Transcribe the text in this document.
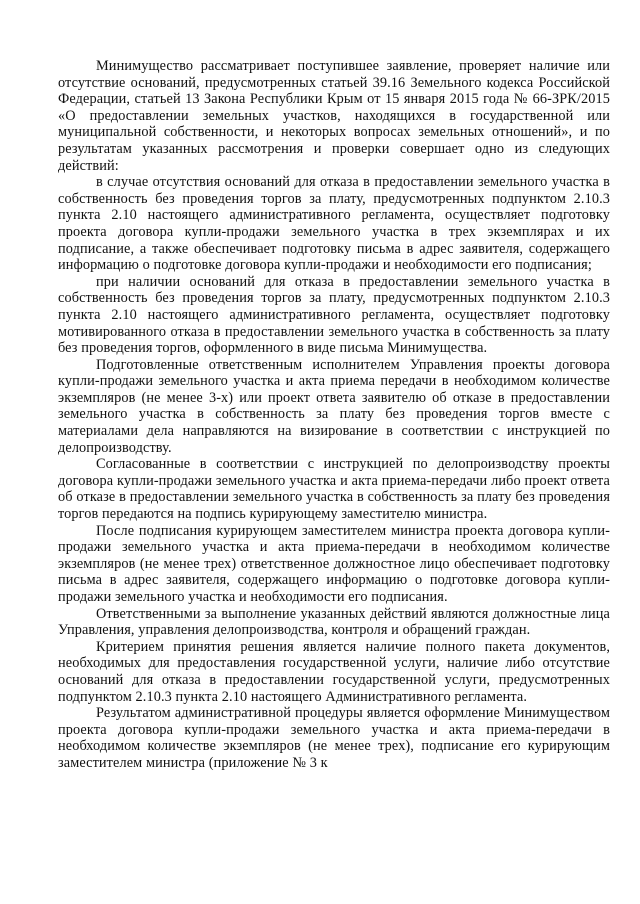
Минимущество рассматривает поступившее заявление, проверяет наличие или отсутствие оснований, предусмотренных статьей 39.16 Земельного кодекса Российской Федерации, статьей 13 Закона Республики Крым от 15 января 2015 года № 66-ЗРК/2015 «О предоставлении земельных участков, находящихся в государственной или муниципальной собственности, и некоторых вопросах земельных отношений», и по результатам указанных рассмотрения и проверки совершает одно из следующих действий:

в случае отсутствия оснований для отказа в предоставлении земельного участка в собственность без проведения торгов за плату, предусмотренных подпунктом 2.10.3 пункта 2.10 настоящего административного регламента, осуществляет подготовку проекта договора купли-продажи земельного участка в трех экземплярах и их подписание, а также обеспечивает подготовку письма в адрес заявителя, содержащего информацию о подготовке договора купли-продажи и необходимости его подписания;

при наличии оснований для отказа в предоставлении земельного участка в собственность без проведения торгов за плату, предусмотренных подпунктом 2.10.3 пункта 2.10 настоящего административного регламента, осуществляет подготовку мотивированного отказа в предоставлении земельного участка в собственность за плату без проведения торгов, оформленного в виде письма Минимущества.

Подготовленные ответственным исполнителем Управления проекты договора купли-продажи земельного участка и акта приема передачи в необходимом количестве экземпляров (не менее 3-х) или проект ответа заявителю об отказе в предоставлении земельного участка в собственность за плату без проведения торгов вместе с материалами дела направляются на визирование в соответствии с инструкцией по делопроизводству.

Согласованные в соответствии с инструкцией по делопроизводству проекты договора купли-продажи земельного участка и акта приема-передачи либо проект ответа об отказе в предоставлении земельного участка в собственность за плату без проведения торгов передаются на подпись курирующему заместителю министра.

После подписания курирующем заместителем министра проекта договора купли-продажи земельного участка и акта приема-передачи в необходимом количестве экземпляров (не менее трех) ответственное должностное лицо обеспечивает подготовку письма в адрес заявителя, содержащего информацию о подготовке договора купли-продажи земельного участка и необходимости его подписания.

Ответственными за выполнение указанных действий являются должностные лица Управления, управления делопроизводства, контроля и обращений граждан.

Критерием принятия решения является наличие полного пакета документов, необходимых для предоставления государственной услуги, наличие либо отсутствие оснований для отказа в предоставлении государственной услуги, предусмотренных подпунктом 2.10.3 пункта 2.10 настоящего Административного регламента.

Результатом административной процедуры является оформление Минимуществом проекта договора купли-продажи земельного участка и акта приема-передачи в необходимом количестве экземпляров (не менее трех), подписание его курирующим заместителем министра (приложение № 3 к
